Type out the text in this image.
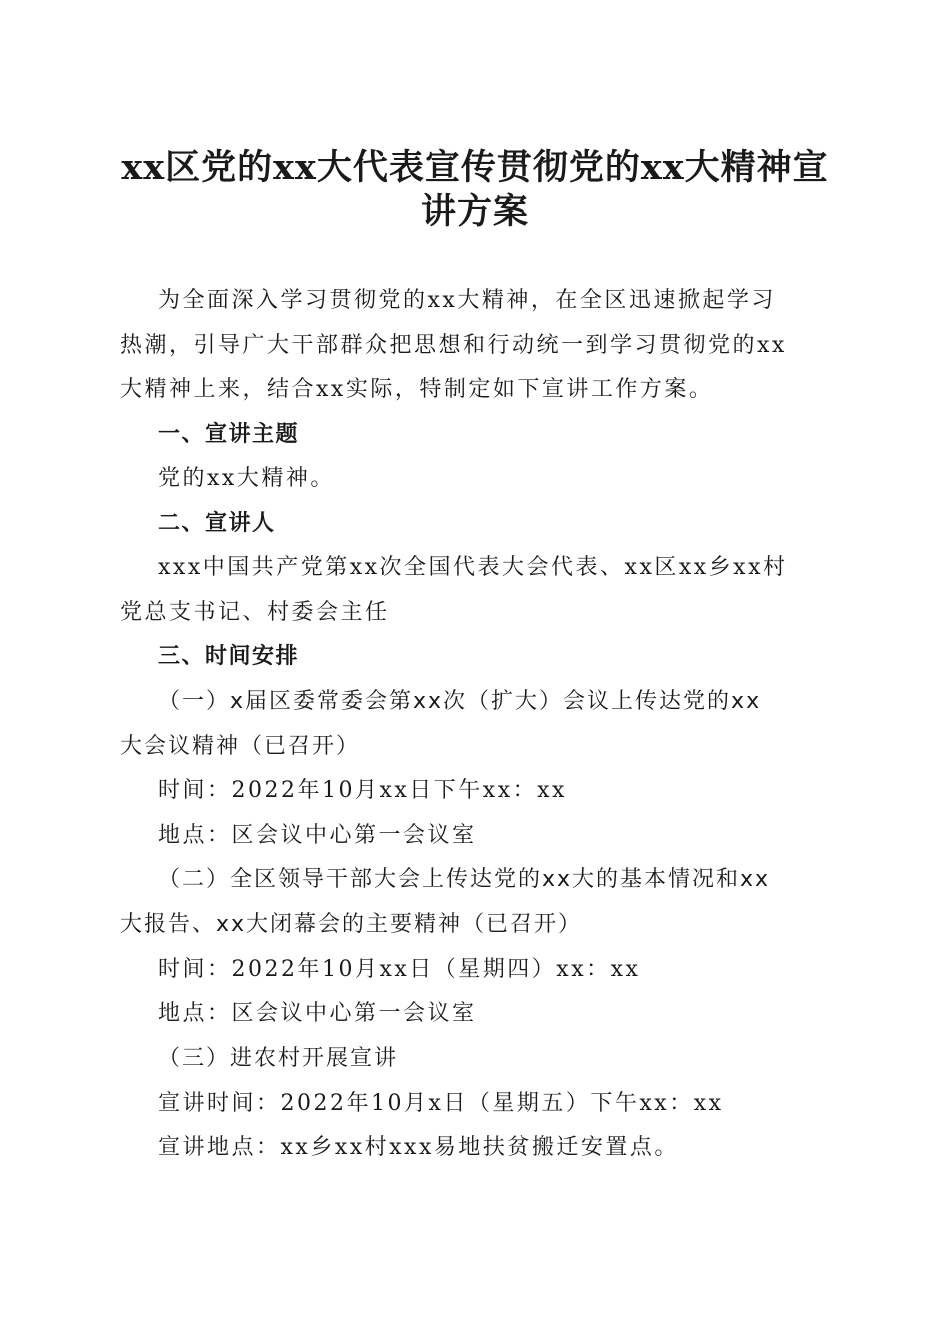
xx区党的xx大代表宣传贯彻党的xx大精神宣
讲方案
为全面深入学习贯彻党的xx大精神，在全区迅速掀起学习
热潮，引导广大干部群众把思想和行动统一到学习贯彻党的xx
大精神上来，结合xx实际，特制定如下宣讲工作方案。
一、宣讲主题
党的xx大精神。
二、宣讲人
xxx中国共产党第xx次全国代表大会代表、xx区xx乡xx村
党总支书记、村委会主任
三、时间安排
（一）x届区委常委会第xx次（扩大）会议上传达党的xx
大会议精神（已召开）
时间：2022年10月xx日下午xx：xx
地点：区会议中心第一会议室
（二）全区领导干部大会上传达党的xx大的基本情况和xx
大报告、xx大闭幕会的主要精神（已召开）
时间：2022年10月xx日（星期四）xx：xx
地点：区会议中心第一会议室
（三）进农村开展宣讲
宣讲时间：2022年10月x日（星期五）下午xx：xx
宣讲地点：xx乡xx村xxx易地扶贫搬迁安置点。
